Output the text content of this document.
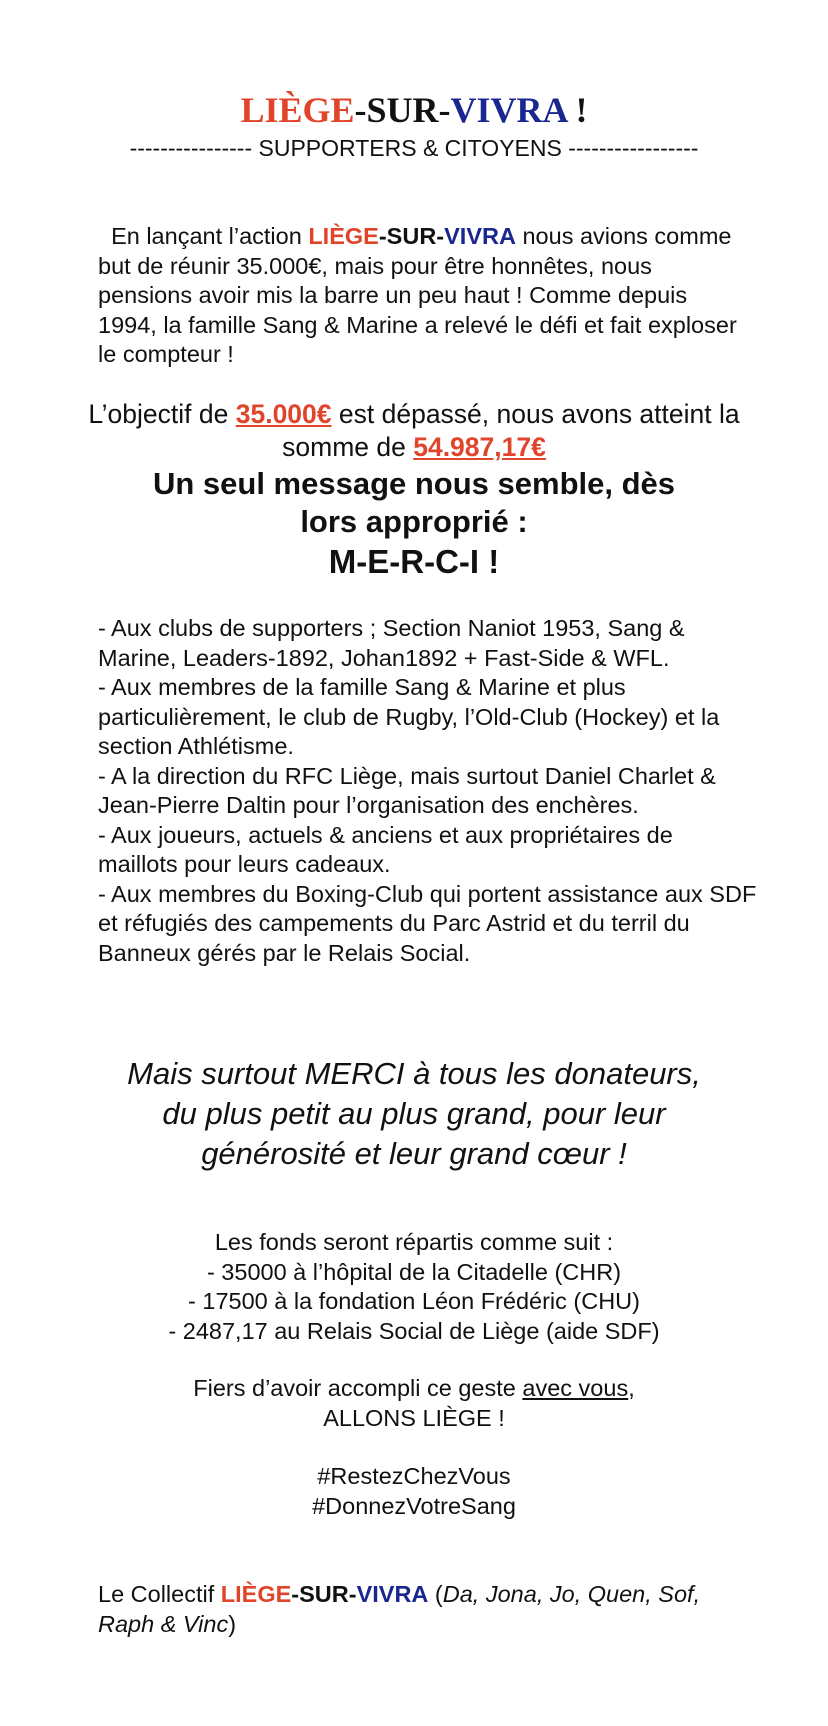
LIÈGE-SUR-VIVRA !
---------------- SUPPORTERS & CITOYENS -----------------
En lançant l’action LIÈGE-SUR-VIVRA nous avions comme but de réunir 35.000€, mais pour être honnêtes, nous pensions avoir mis la barre un peu haut ! Comme depuis 1994, la famille Sang & Marine a relevé le défi et fait exploser le compteur !
L’objectif de 35.000€ est dépassé, nous avons atteint la somme de 54.987,17€
Un seul message nous semble, dès
lors approprié :
M-E-R-C-I !

- Aux clubs de supporters ; Section Naniot 1953, Sang & Marine, Leaders-1892, Johan1892 + Fast-Side & WFL.

- Aux membres de la famille Sang & Marine et plus particulièrement, le club de Rugby, l’Old-Club (Hockey) et la section Athlétisme.

- A la direction du RFC Liège, mais surtout Daniel Charlet & Jean-Pierre Daltin pour l’organisation des enchères.

- Aux joueurs, actuels & anciens et aux propriétaires de maillots pour leurs cadeaux.

- Aux membres du Boxing-Club qui portent assistance aux SDF et réfugiés des campements du Parc Astrid et du terril du Banneux gérés par le Relais Social.

Mais surtout MERCI à tous les donateurs,
du plus petit au plus grand, pour leur
générosité et leur grand cœur !
Les fonds seront répartis comme suit :
- 35000 à l’hôpital de la Citadelle (CHR)
- 17500 à la fondation Léon Frédéric (CHU)
- 2487,17 au Relais Social de Liège (aide SDF)
Fiers d’avoir accompli ce geste avec vous,
ALLONS LIÈGE !
#RestezChezVous
#DonnezVotreSang
Le Collectif LIÈGE-SUR-VIVRA (Da, Jona, Jo, Quen, Sof, Raph & Vinc)
